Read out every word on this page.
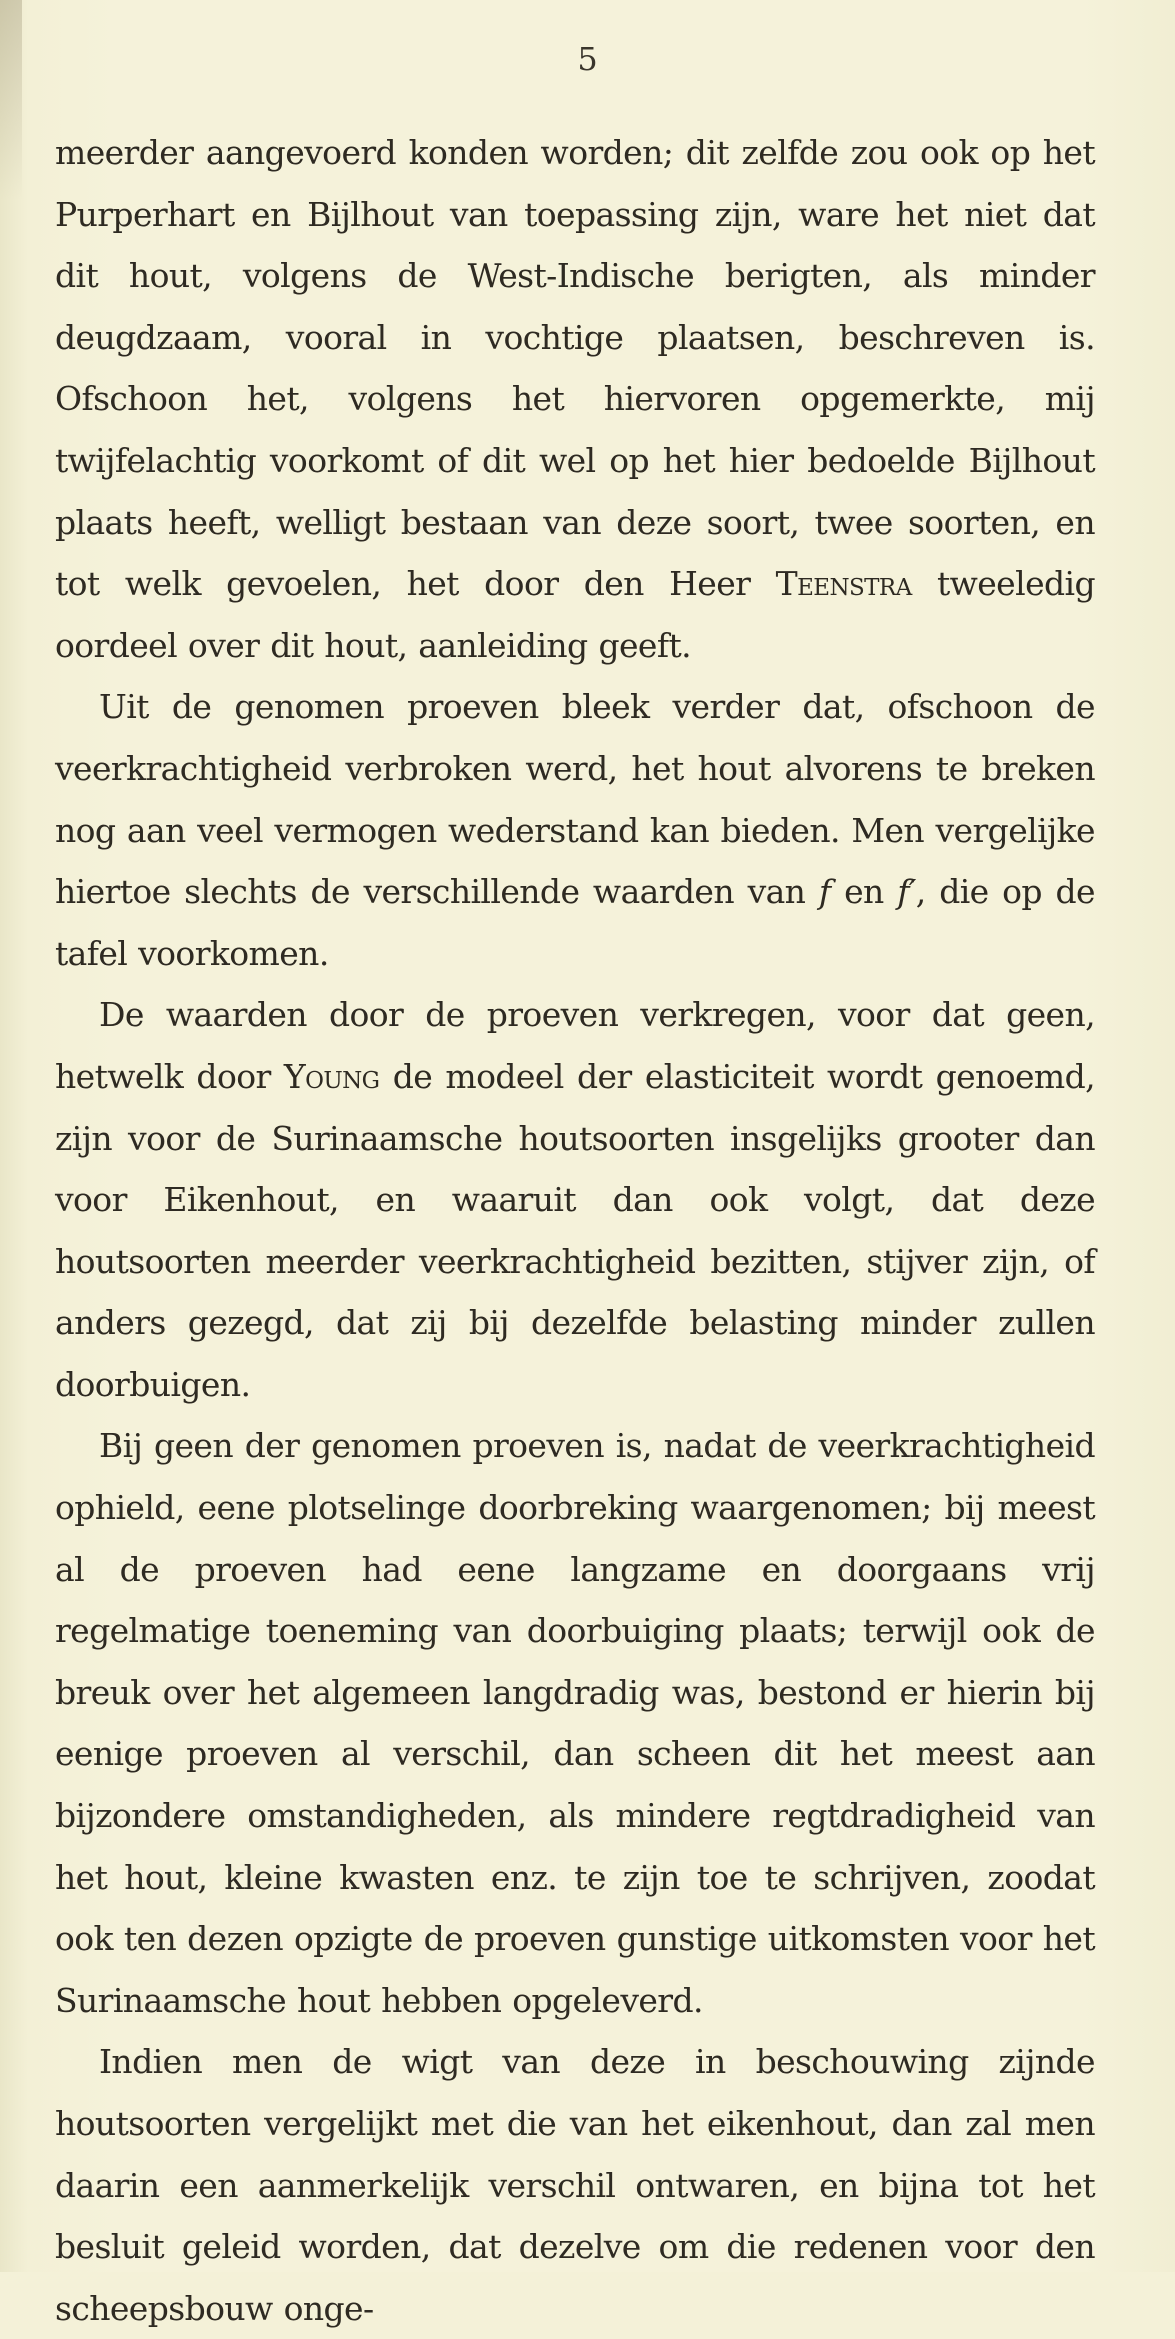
5

meerder aangevoerd konden worden; dit zelfde zou ook op het Purperhart en Bijlhout van toepassing zijn, ware het niet dat dit hout, volgens de West-Indische berigten, als minder deugdzaam, vooral in vochtige plaatsen, beschreven is. Ofschoon het, volgens het hiervoren opgemerkte, mij twijfelachtig voorkomt of dit wel op het hier bedoelde Bijlhout plaats heeft, welligt bestaan van deze soort, twee soorten, en tot welk gevoelen, het door den Heer Teenstra tweeledig oordeel over dit hout, aanleiding geeft.

Uit de genomen proeven bleek verder dat, ofschoon de veerkrachtigheid verbroken werd, het hout alvorens te breken nog aan veel vermogen wederstand kan bieden. Men vergelijke hiertoe slechts de verschillende waarden van f en f′, die op de tafel voorkomen.

De waarden door de proeven verkregen, voor dat geen, hetwelk door Young de modeel der elasticiteit wordt genoemd, zijn voor de Surinaamsche houtsoorten insgelijks grooter dan voor Eikenhout, en waaruit dan ook volgt, dat deze houtsoorten meerder veerkrachtigheid bezitten, stijver zijn, of anders gezegd, dat zij bij dezelfde belasting minder zullen doorbuigen.

Bij geen der genomen proeven is, nadat de veerkrachtigheid ophield, eene plotselinge doorbreking waargenomen; bij meest al de proeven had eene langzame en doorgaans vrij regelmatige toeneming van doorbuiging plaats; terwijl ook de breuk over het algemeen langdradig was, bestond er hierin bij eenige proeven al verschil, dan scheen dit het meest aan bijzondere omstandigheden, als mindere regtdradigheid van het hout, kleine kwasten enz. te zijn toe te schrijven, zoodat ook ten dezen opzigte de proeven gunstige uitkomsten voor het Surinaamsche hout hebben opgeleverd.

Indien men de wigt van deze in beschouwing zijnde houtsoorten vergelijkt met die van het eikenhout, dan zal men daarin een aanmerkelijk verschil ontwaren, en bijna tot het besluit geleid worden, dat dezelve om die redenen voor den scheepsbouw onge-
